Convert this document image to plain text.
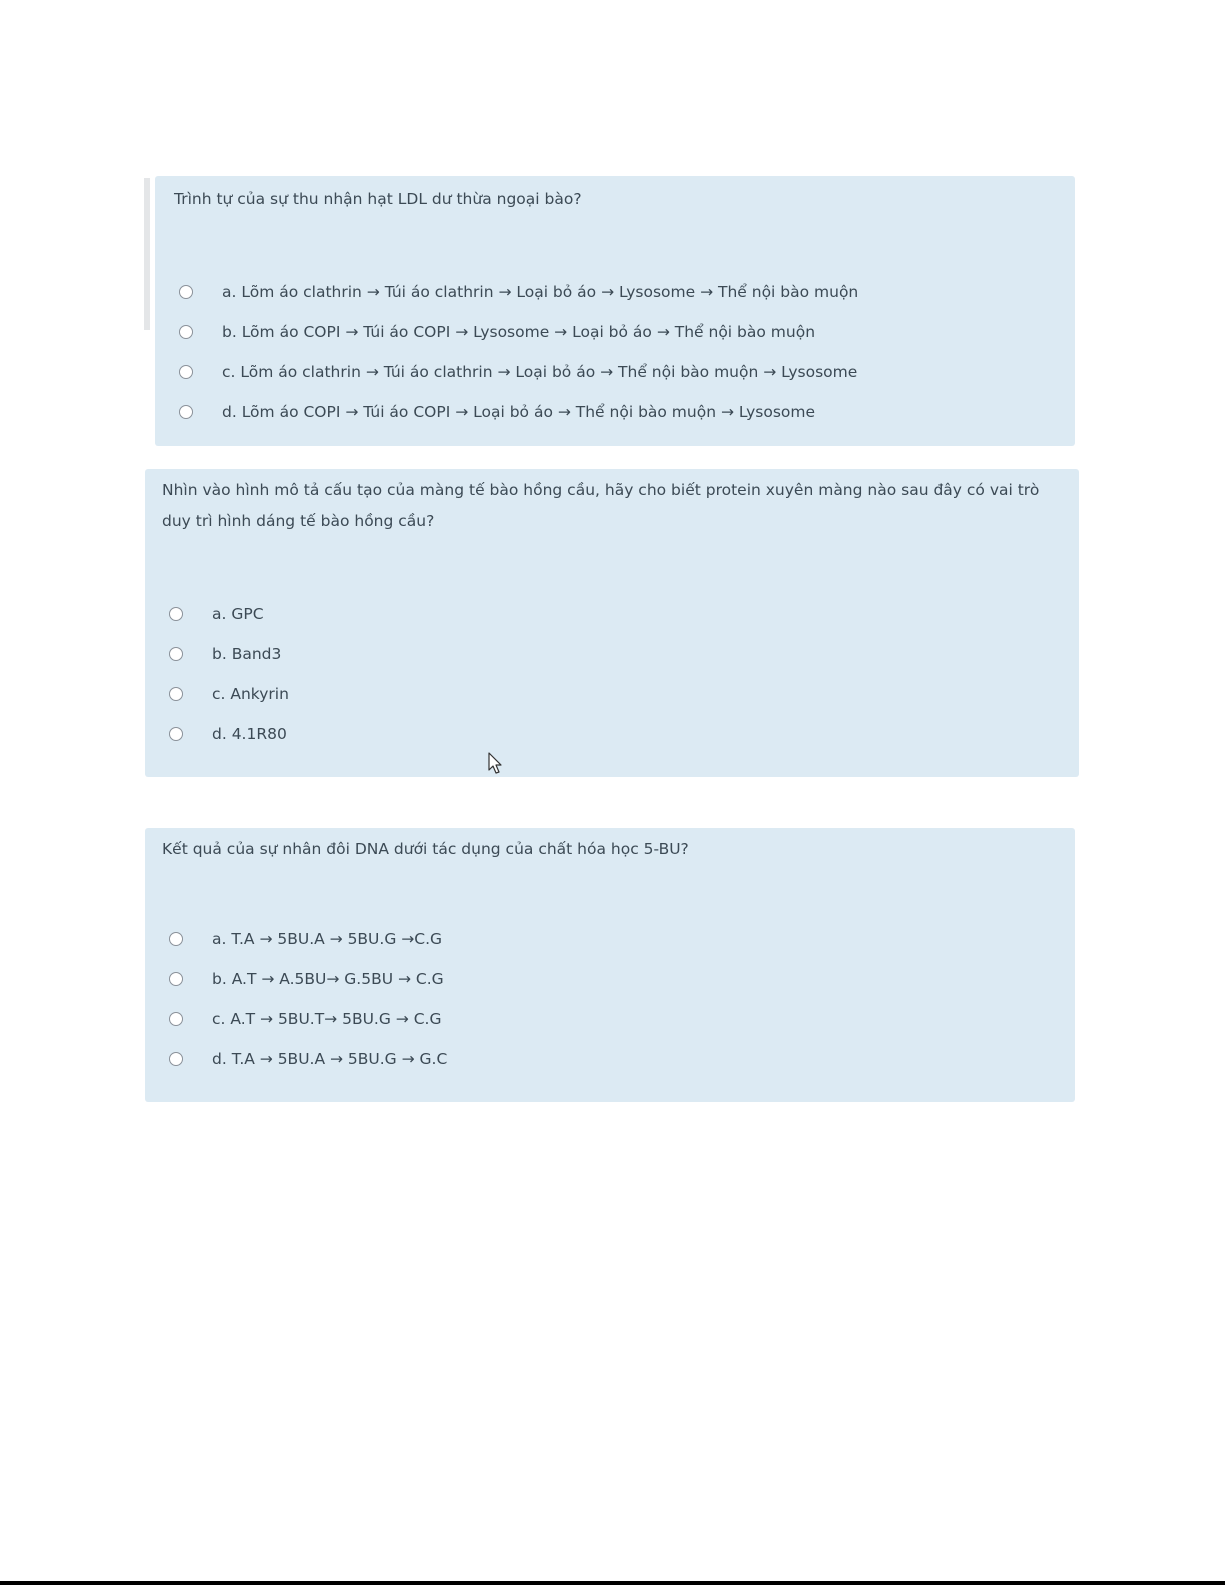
Trình tự của sự thu nhận hạt LDL dư thừa ngoại bào?
a. Lõm áo clathrin → Túi áo clathrin → Loại bỏ áo → Lysosome → Thể nội bào muộn
b. Lõm áo COPI → Túi áo COPI → Lysosome → Loại bỏ áo → Thể nội bào muộn
c. Lõm áo clathrin → Túi áo clathrin → Loại bỏ áo → Thể nội bào muộn → Lysosome
d. Lõm áo COPI → Túi áo COPI → Loại bỏ áo → Thể nội bào muộn → Lysosome
Nhìn vào hình mô tả cấu tạo của màng tế bào hồng cầu, hãy cho biết protein xuyên màng nào sau đây có vai trò duy trì hình dáng tế bào hồng cầu?
a. GPC
b. Band3
c. Ankyrin
d. 4.1R80
Kết quả của sự nhân đôi DNA dưới tác dụng của chất hóa học 5-BU?
a. T.A → 5BU.A → 5BU.G →C.G
b. A.T → A.5BU→ G.5BU → C.G
c. A.T → 5BU.T→ 5BU.G → C.G
d. T.A → 5BU.A → 5BU.G → G.C
